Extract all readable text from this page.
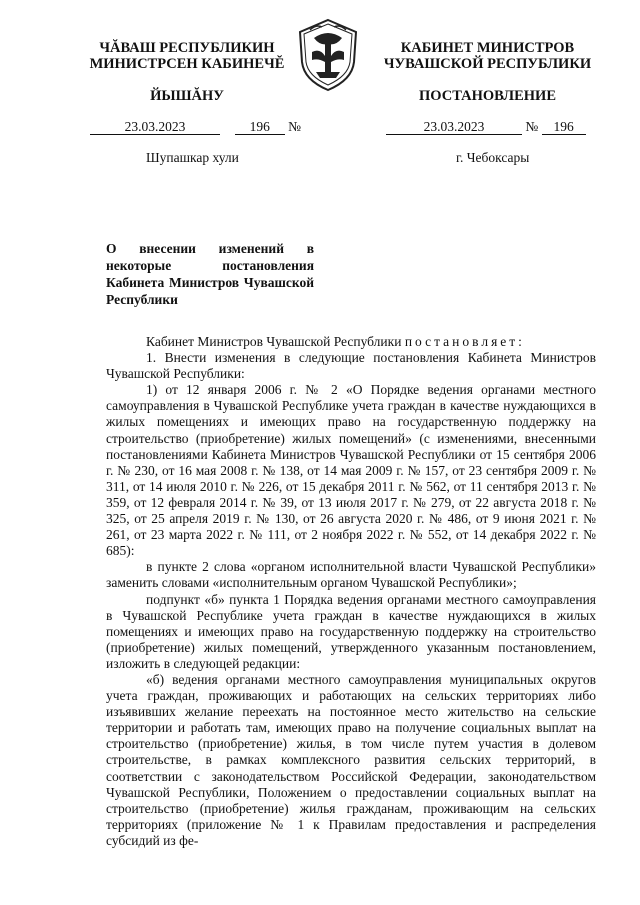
ЧĂВАШ РЕСПУБЛИКИН
МИНИСТРСЕН КАБИНЕЧĔ
ЙЫШĂНУ
КАБИНЕТ МИНИСТРОВ
ЧУВАШСКОЙ РЕСПУБЛИКИ
ПОСТАНОВЛЕНИЕ
23.03.2023	196 №	23.03.2023	№ 196
Шупашкар хули	г. Чебоксары
О внесении изменений в некоторые постановления Кабинета Министров Чувашской Республики

Кабинет Министров Чувашской Республики постановляет:

1. Внести изменения в следующие постановления Кабинета Министров Чувашской Республики:

1) от 12 января 2006 г. № 2 «О Порядке ведения органами местного самоуправления в Чувашской Республике учета граждан в качестве нуждающихся в жилых помещениях и имеющих право на государственную поддержку на строительство (приобретение) жилых помещений» (с изменениями, внесенными постановлениями Кабинета Министров Чувашской Республики от 15 сентября 2006 г. № 230, от 16 мая 2008 г. № 138, от 14 мая 2009 г. № 157, от 23 сентября 2009 г. № 311, от 14 июля 2010 г. № 226, от 15 декабря 2011 г. № 562, от 11 сентября 2013 г. № 359, от 12 февраля 2014 г. № 39, от 13 июля 2017 г. № 279, от 22 августа 2018 г. № 325, от 25 апреля 2019 г. № 130, от 26 августа 2020 г. № 486, от 9 июня 2021 г. № 261, от 23 марта 2022 г. № 111, от 2 ноября 2022 г. № 552, от 14 декабря 2022 г. № 685):

в пункте 2 слова «органом исполнительной власти Чувашской Республики» заменить словами «исполнительным органом Чувашской Республики»;

подпункт «б» пункта 1 Порядка ведения органами местного самоуправления в Чувашской Республике учета граждан в качестве нуждающихся в жилых помещениях и имеющих право на государственную поддержку на строительство (приобретение) жилых помещений, утвержденного указанным постановлением, изложить в следующей редакции:

«б) ведения органами местного самоуправления муниципальных округов учета граждан, проживающих и работающих на сельских территориях либо изъявивших желание переехать на постоянное место жительство на сельские территории и работать там, имеющих право на получение социальных выплат на строительство (приобретение) жилья, в том числе путем участия в долевом строительстве, в рамках комплексного развития сельских территорий, в соответствии с законодательством Российской Федерации, законодательством Чувашской Республики, Положением о предоставлении социальных выплат на строительство (приобретение) жилья гражданам, проживающим на сельских территориях (приложение № 1 к Правилам предоставления и распределения субсидий из фе-
